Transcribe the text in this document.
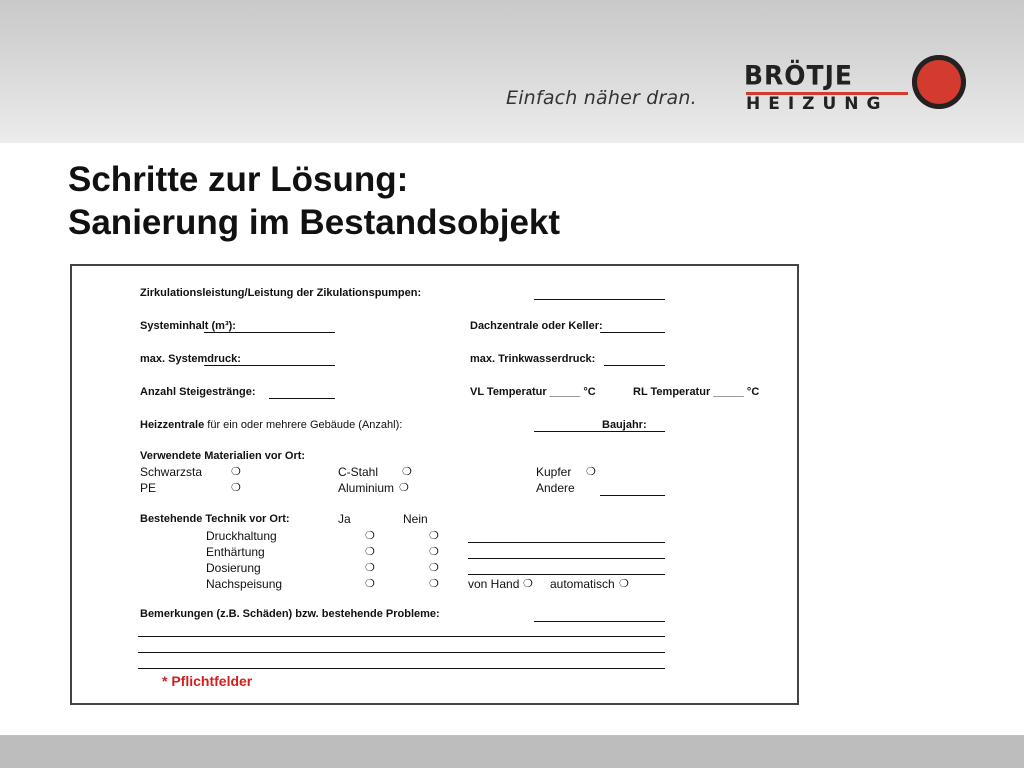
Einfach näher dran.
BRÖTJE
HEIZUNG
Schritte zur Lösung:
Sanierung im Bestandsobjekt
Zirkulationsleistung/Leistung der Zikulationspumpen:
Systeminhalt (m³):	Dachzentrale oder Keller:
max. Systemdruck:	max. Trinkwasserdruck:
Anzahl Steigestränge:	VL Temperatur _____ °C	RL Temperatur _____ °C
Heizzentrale für ein oder mehrere Gebäude (Anzahl):	Baujahr:
Verwendete Materialien vor Ort:
Schwarzsta	❍	C-Stahl ❍	Kupfer ❍
PE	❍	Aluminium ❍	Andere
Bestehende Technik vor Ort:	Ja	Nein
Druckhaltung	❍	❍
Enthärtung	❍	❍
Dosierung	❍	❍
Nachspeisung	❍	❍ von Hand ❍ automatisch ❍
Bemerkungen (z.B. Schäden) bzw. bestehende Probleme:
* Pflichtfelder
